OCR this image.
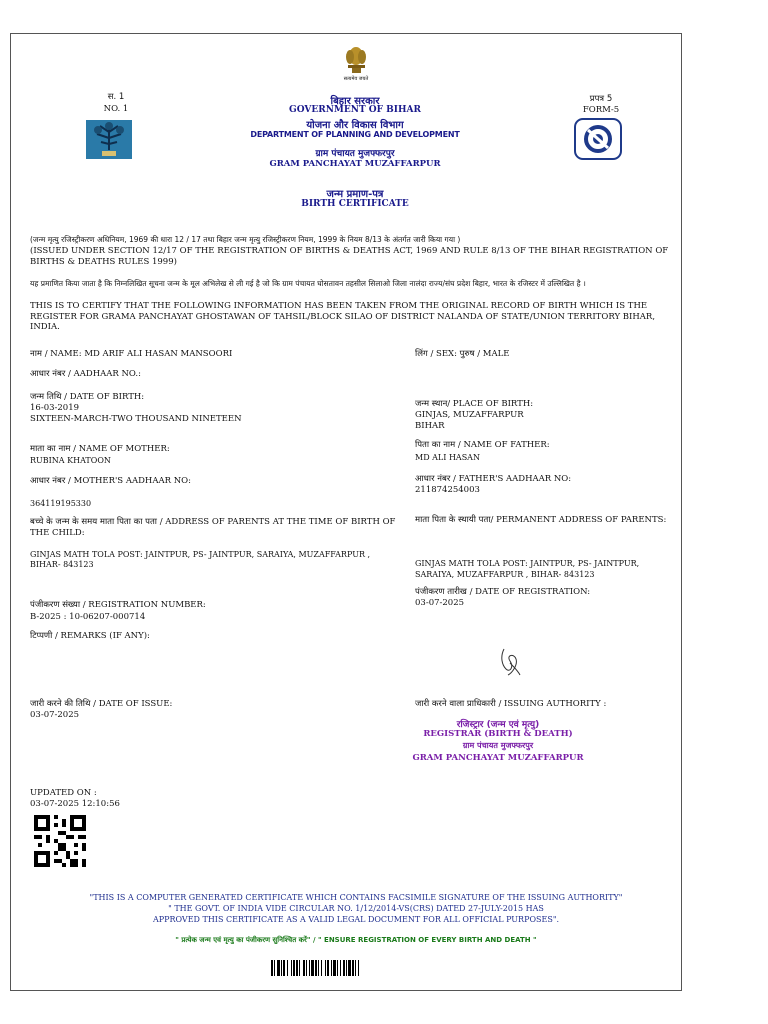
सत्यमेव जयते
स. 1
NO. 1
प्रपत्र 5
FORM-5
बिहार सरकार
GOVERNMENT OF BIHAR
योजना और विकास विभाग
DEPARTMENT OF PLANNING AND DEVELOPMENT
ग्राम पंचायत मुजफ्फरपुर
GRAM PANCHAYAT MUZAFFARPUR
जन्म प्रमाण-पत्र
BIRTH CERTIFICATE
(जन्म मृत्यु रजिस्ट्रीकरण अधिनियम, 1969 की धारा 12 / 17 तथा बिहार जन्म मृत्यु रजिस्ट्रीकरण नियम, 1999 के नियम 8/13 के अंतर्गत जारी किया गया )
(ISSUED UNDER SECTION 12/17 OF THE REGISTRATION OF BIRTHS & DEATHS ACT, 1969 AND RULE 8/13 OF THE BIHAR REGISTRATION OF BIRTHS & DEATHS RULES 1999)
यह प्रमाणित किया जाता है कि निम्नलिखित सूचना जन्म के मूल अभिलेख से ली गई है जो कि ग्राम पंचायत घोसतावन तहसील सिलाओ जिला नालंदा राज्य/संघ प्रदेश बिहार, भारत के रजिस्टर में उल्लिखित है ।
THIS IS TO CERTIFY THAT THE FOLLOWING INFORMATION HAS BEEN TAKEN FROM THE ORIGINAL RECORD OF BIRTH WHICH IS THE REGISTER FOR GRAMA PANCHAYAT GHOSTAWAN OF TAHSIL/BLOCK SILAO OF DISTRICT NALANDA OF STATE/UNION TERRITORY BIHAR, INDIA.
नाम / NAME: MD ARIF ALI HASAN MANSOORI
आधार नंबर / AADHAAR NO.:
जन्म तिथि / DATE OF BIRTH:
16-03-2019
SIXTEEN-MARCH-TWO THOUSAND NINETEEN
माता का नाम / NAME OF MOTHER:
RUBINA KHATOON
आधार नंबर / MOTHER'S AADHAAR NO:
364119195330
बच्चे के जन्म के समय माता पिता का पता / ADDRESS OF PARENTS AT THE TIME OF BIRTH OF THE CHILD:
GINJAS MATH TOLA POST: JAINTPUR, PS- JAINTPUR, SARAIYA, MUZAFFARPUR , BIHAR- 843123
पंजीकरण संख्या / REGISTRATION NUMBER:
B-2025 : 10-06207-000714
टिप्पणी / REMARKS (IF ANY):
जारी करने की तिथि / DATE OF ISSUE:
03-07-2025
लिंग / SEX: पुरुष / MALE
जन्म स्थान/ PLACE OF BIRTH:
GINJAS, MUZAFFARPUR
BIHAR
पिता का नाम / NAME OF FATHER:
MD ALI HASAN
आधार नंबर / FATHER'S AADHAAR NO:
211874254003
माता पिता के स्थायी पता/ PERMANENT ADDRESS OF PARENTS:
GINJAS MATH TOLA POST: JAINTPUR, PS- JAINTPUR, SARAIYA, MUZAFFARPUR , BIHAR- 843123
पंजीकरण तारीख / DATE OF REGISTRATION:
03-07-2025
जारी करने वाला प्राधिकारी / ISSUING AUTHORITY :
रजिस्ट्रार (जन्म एवं मृत्यु)
REGISTRAR (BIRTH & DEATH)
ग्राम पंचायत मुजफ्फरपुर
GRAM PANCHAYAT MUZAFFARPUR
UPDATED ON :
03-07-2025 12:10:56
"THIS IS A COMPUTER GENERATED CERTIFICATE WHICH CONTAINS FACSIMILE SIGNATURE OF THE ISSUING AUTHORITY"
" THE GOVT. OF INDIA VIDE CIRCULAR NO. 1/12/2014-VS(CRS) DATED 27-JULY-2015 HAS
APPROVED THIS CERTIFICATE AS A VALID LEGAL DOCUMENT FOR ALL OFFICIAL PURPOSES".
" प्रत्येक जन्म एवं मृत्यु का पंजीकरण सुनिश्चित करें" / " ENSURE REGISTRATION OF EVERY BIRTH AND DEATH "
